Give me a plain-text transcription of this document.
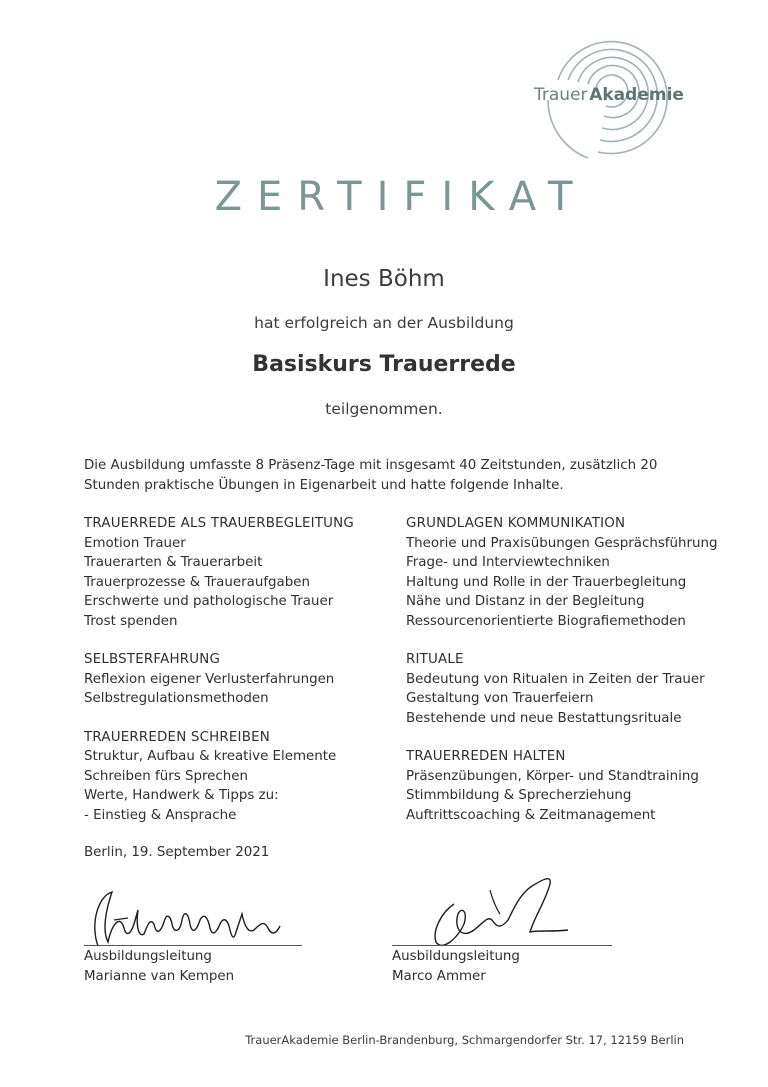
Trauer  Akademie
ZERTIFIKAT
Ines Böhm
hat erfolgreich an der Ausbildung
Basiskurs Trauerrede
teilgenommen.
Die Ausbildung umfasste 8 Präsenz-Tage mit insgesamt 40 Zeitstunden, zusätzlich 20
Stunden praktische Übungen in Eigenarbeit und hatte folgende Inhalte.
TRAUERREDE ALS TRAUERBEGLEITUNG
Emotion Trauer
Trauerarten & Trauerarbeit
Trauerprozesse & Traueraufgaben
Erschwerte und pathologische Trauer
Trost spenden
SELBSTERFAHRUNG
Reflexion eigener Verlusterfahrungen
Selbstregulationsmethoden
TRAUERREDEN SCHREIBEN
Struktur, Aufbau & kreative Elemente
Schreiben fürs Sprechen
Werte, Handwerk & Tipps zu:
- Einstieg & Ansprache
GRUNDLAGEN KOMMUNIKATION
Theorie und Praxisübungen Gesprächsführung
Frage- und Interviewtechniken
Haltung und Rolle in der Trauerbegleitung
Nähe und Distanz in der Begleitung
Ressourcenorientierte Biografiemethoden
RITUALE
Bedeutung von Ritualen in Zeiten der Trauer
Gestaltung von Trauerfeiern
Bestehende und neue Bestattungsrituale
TRAUERREDEN HALTEN
Präsenzübungen, Körper- und Standtraining
Stimmbildung & Sprecherziehung
Auftrittscoaching & Zeitmanagement
Berlin, 19. September 2021
Ausbildungsleitung
Marianne van Kempen
Ausbildungsleitung
Marco Ammer
TrauerAkademie Berlin-Brandenburg, Schmargendorfer Str. 17, 12159 Berlin
